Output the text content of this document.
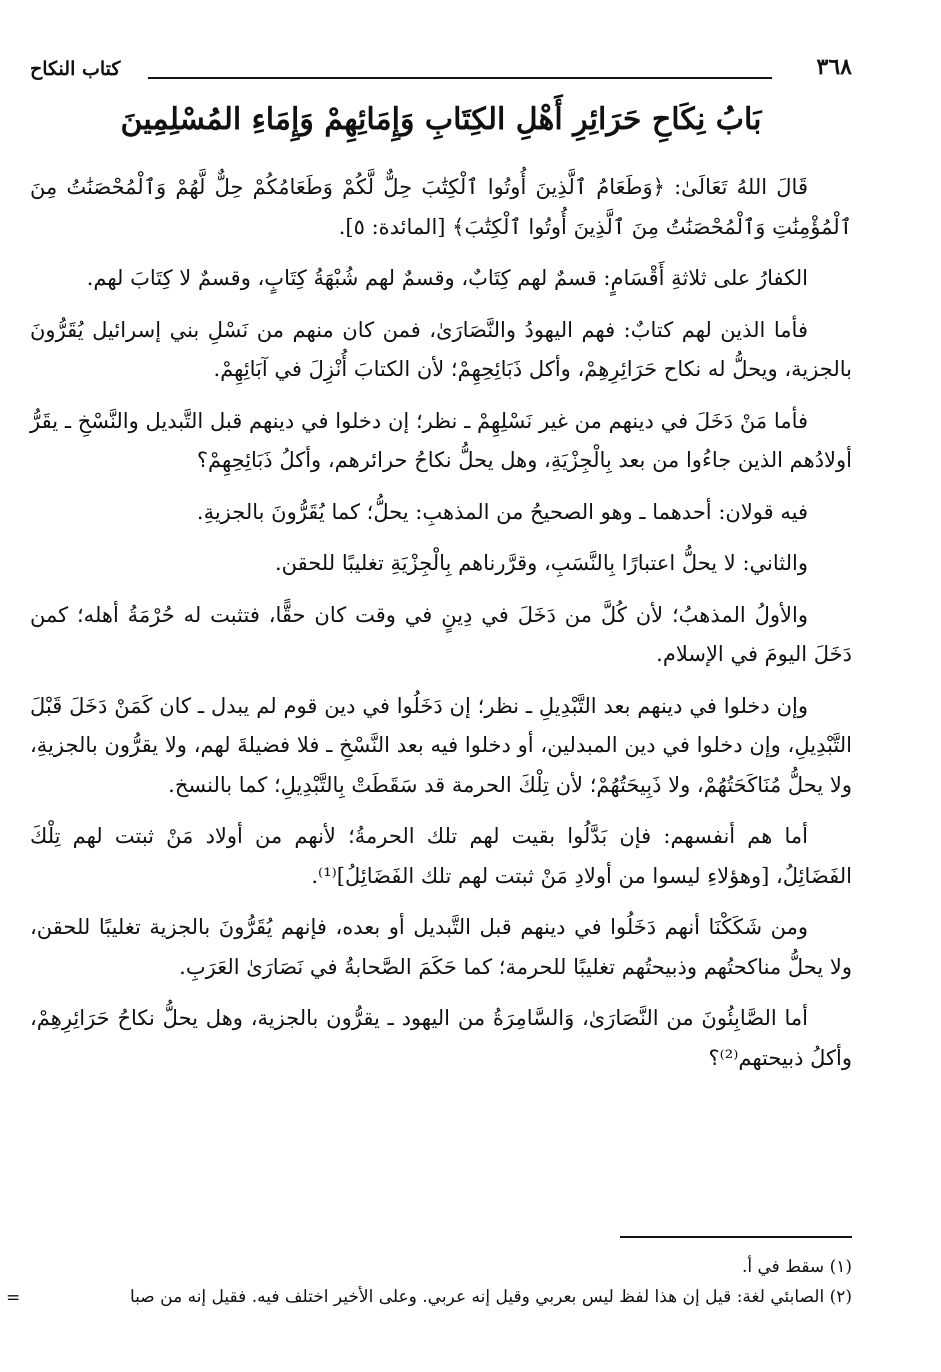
٣٦٨
كتاب النكاح
بَابُ نِكَاحِ حَرَائِرِ أَهْلِ الكِتَابِ وَإِمَائِهِمْ وَإِمَاءِ المُسْلِمِينَ

قَالَ اللهُ تَعَالَىٰ: ﴿وَطَعَامُ ٱلَّذِينَ أُوتُوا ٱلْكِتَٰبَ حِلٌّ لَّكُمْ وَطَعَامُكُمْ حِلٌّ لَّهُمْ وَٱلْمُحْصَنَٰتُ مِنَ ٱلْمُؤْمِنَٰتِ وَٱلْمُحْصَنَٰتُ مِنَ ٱلَّذِينَ أُوتُوا ٱلْكِتَٰبَ﴾ [المائدة: ٥].

الكفارُ على ثلاثةِ أَقْسَامٍ: قسمٌ لهم كِتَابٌ، وقسمٌ لهم شُبْهَةُ كِتَابٍ، وقسمٌ لا كِتَابَ لهم.

فأما الذين لهم كتابٌ: فهم اليهودُ والنَّصَارَىٰ، فمن كان منهم من نَسْلِ بني إسرائيل يُقَرُّونَ بالجزية، ويحلُّ له نكاح حَرَائِرِهِمْ، وأكل ذَبَائِحِهِمْ؛ لأن الكتابَ أُنْزِلَ في آبَائِهِمْ.

فأما مَنْ دَخَلَ في دينهم من غير نَسْلِهِمْ ـ نظر؛ إن دخلوا في دينهم قبل التَّبديل والنَّسْخِ ـ يقَرُّ أولادُهم الذين جاءُوا من بعد بِالْجِزْيَةِ، وهل يحلُّ نكاحُ حرائرهم، وأكلُ ذَبَائِحِهِمْ؟

فيه قولان: أحدهما ـ وهو الصحيحُ من المذهبِ: يحلُّ؛ كما يُقَرُّونَ بالجزيةِ.

والثاني: لا يحلُّ اعتبارًا بِالنَّسَبِ، وقرَّرناهم بِالْجِزْيَةِ تغليبًا للحقن.

والأولُ المذهبُ؛ لأن كُلَّ من دَخَلَ في دِينٍ في وقت كان حقًّا، فتثبت له حُرْمَةُ أهله؛ كمن دَخَلَ اليومَ في الإسلام.

وإن دخلوا في دينهم بعد التَّبْدِيلِ ـ نظر؛ إن دَخَلُوا في دين قوم لم يبدل ـ كان كَمَنْ دَخَلَ قَبْلَ التَّبْدِيلِ، وإن دخلوا في دين المبدلين، أو دخلوا فيه بعد النَّسْخِ ـ فلا فضيلةَ لهم، ولا يقرُّون بالجزيةِ، ولا يحلُّ مُنَاكَحَتُهُمْ، ولا ذَبِيحَتُهُمْ؛ لأن تِلْكَ الحرمة قد سَقَطَتْ بِالتَّبْدِيلِ؛ كما بالنسخ.

أما هم أنفسهم: فإن بَدَّلُوا بقيت لهم تلك الحرمةُ؛ لأنهم من أولاد مَنْ ثبتت لهم تِلْكَ الفَضَائِلُ، [وهؤلاءِ ليسوا من أولادِ مَنْ ثبتت لهم تلك الفَضَائِلُ]⁽¹⁾.

ومن شَكَكْنَا أنهم دَخَلُوا في دينهم قبل التَّبديل أو بعده، فإنهم يُقَرُّونَ بالجزية تغليبًا للحقن، ولا يحلُّ مناكحتُهم وذبيحتُهم تغليبًا للحرمة؛ كما حَكَمَ الصَّحابةُ في نَصَارَىٰ العَرَبِ.

أما الصَّابِئُونَ من النَّصَارَىٰ، وَالسَّامِرَةُ من اليهود ـ يقرُّون بالجزية، وهل يحلُّ نكاحُ حَرَائِرِهِمْ، وأكلُ ذبيحتهم⁽²⁾؟

(١) سقط في أ.

(٢) الصابئي لغة: قيل إن هذا لفظ ليس بعربي وقيل إنه عربي. وعلى الأخير اختلف فيه. فقيل إنه من صبا

=
